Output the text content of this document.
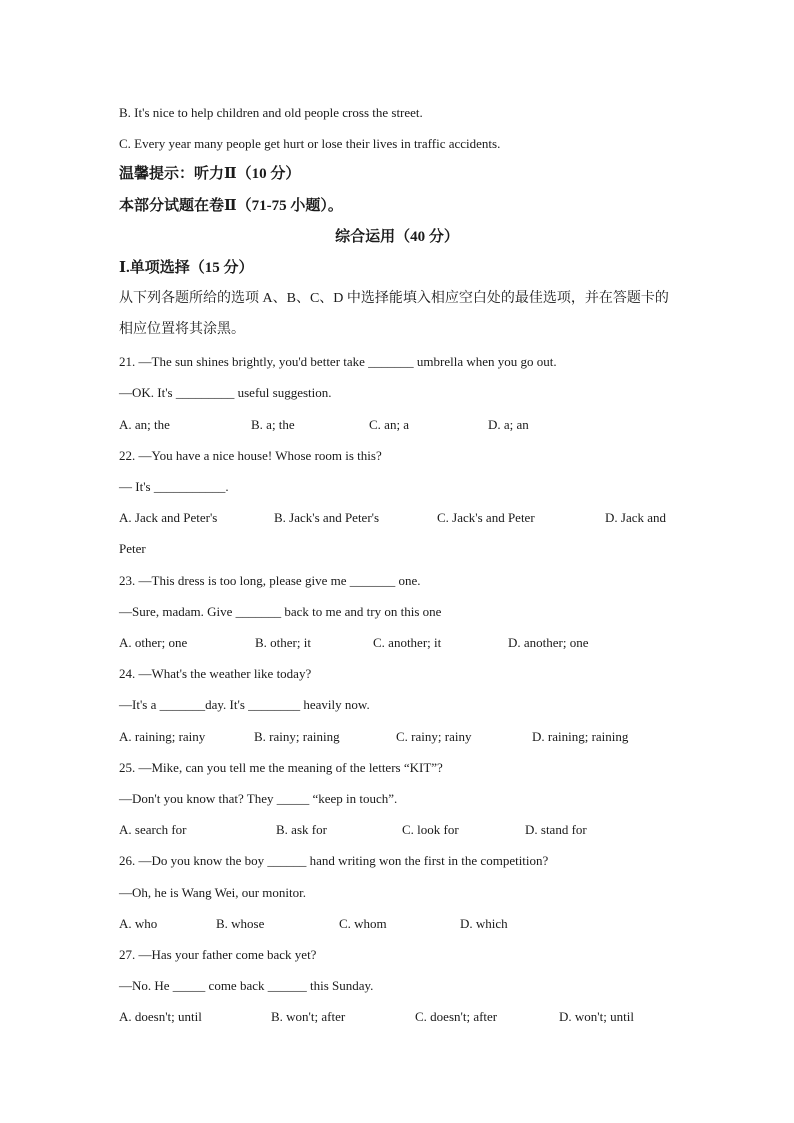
B. It's nice to help children and old people cross the street.
C. Every year many people get hurt or lose their lives in traffic accidents.
温馨提示：听力Ⅱ（10 分）
本部分试题在卷Ⅱ（71-75 小题）。
综合运用（40 分）
Ⅰ.单项选择（15 分）
从下列各题所给的选项 A、B、C、D 中选择能填入相应空白处的最佳选项，并在答题卡的
相应位置将其涂黑。
21. —The sun shines brightly, you'd better take _______ umbrella when you go out.
—OK. It's _________ useful suggestion.
A. an; the	B. a; the	C. an; a	D. a; an
22. —You have a nice house! Whose room is this?
— It's ___________.
A. Jack and Peter's	B. Jack's and Peter's	C. Jack's and Peter	D. Jack and
Peter
23. —This dress is too long, please give me _______ one.
—Sure, madam. Give _______ back to me and try on this one
A. other; one	B. other; it	C. another; it	D. another; one
24. —What's the weather like today?
—It's a _______day. It's ________ heavily now.
A. raining; rainy	B. rainy; raining	C. rainy; rainy	D. raining; raining
25. —Mike, can you tell me the meaning of the letters “KIT”?
—Don't you know that? They _____ “keep in touch”.
A. search for	B. ask for	C. look for	D. stand for
26. —Do you know the boy ______ hand writing won the first in the competition?
—Oh, he is Wang Wei, our monitor.
A. who	B. whose	C. whom	D. which
27. —Has your father come back yet?
—No. He _____ come back ______ this Sunday.
A. doesn't; until	B. won't; after	C. doesn't; after	D. won't; until
